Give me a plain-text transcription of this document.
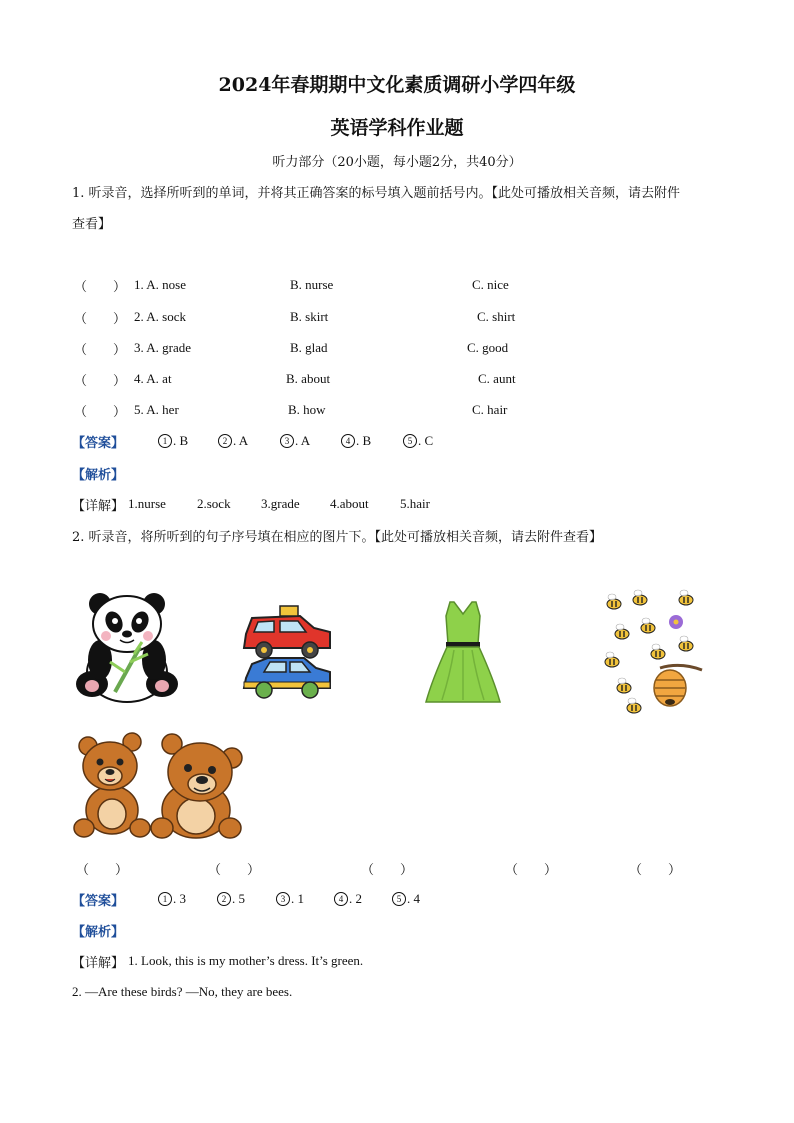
2024年春期期中文化素质调研小学四年级
英语学科作业题
听力部分（20小题，每小题2分，共40分）
1. 听录音，选择所听到的单词，并将其正确答案的标号填入题前括号内。【此处可播放相关音频，请去附件
查看】
（　　） 1. A. nose	B. nurse	C. nice
（　　） 2. A. sock	B. skirt	C. shirt
（　　） 3. A. grade	B. glad	C. good
（　　） 4. A. at	B. about	C. aunt
（　　） 5. A. her	B. how	C. hair
【答案】	1 . B	2 . A	3 . A	4 . B	5 . C
【解析】
【详解】 1.nurse 2.sock 3.grade 4.about 5.hair
2. 听录音，将所听到的句子序号填在相应的图片下。【此处可播放相关音频，请去附件查看】
（　　）	（　　）	（　　）	（　　）	（　　）
【答案】	1 . 3	2 . 5	3 . 1	4 . 2	5 . 4
【解析】
【详解】 1. Look, this is my mother’s dress. It’s green.
2. —Are these birds? —No, they are bees.
